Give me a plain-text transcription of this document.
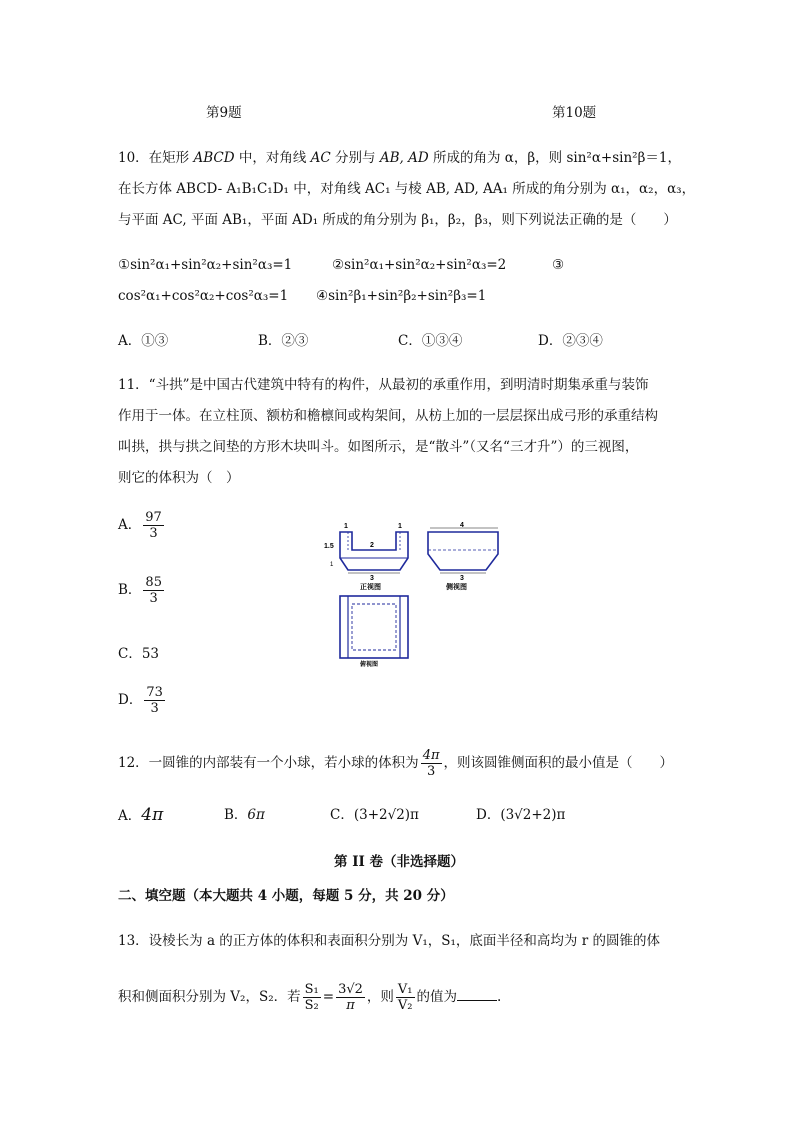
第9题	第10题
10．在矩形 ABCD 中，对角线 AC 分别与 AB, AD 所成的角为 α，β，则 sin²α+sin²β＝1，
在长方体 ABCD- A₁B₁C₁D₁ 中，对角线 AC₁ 与棱 AB, AD, AA₁ 所成的角分别为 α₁，α₂，α₃，
与平面 AC, 平面 AB₁，平面 AD₁ 所成的角分别为 β₁，β₂，β₃，则下列说法正确的是（　　）
①sin²α₁+sin²α₂+sin²α₃=1	②sin²α₁+sin²α₂+sin²α₃=2	③
cos²α₁+cos²α₂+cos²α₃=1 ④sin²β₁+sin²β₂+sin²β₃=1
A．①③	B．②③	C．①③④	D．②③④
11．“斗拱”是中国古代建筑中特有的构件，从最初的承重作用，到明清时期集承重与装饰
作用于一体。在立柱顶、额枋和檐檩间或构架间，从枋上加的一层层探出成弓形的承重结构
叫拱，拱与拱之间垫的方形木块叫斗。如图所示，是“散斗”（又名“三才升”）的三视图，
则它的体积为（　）
A． $\frac{97}{3}$
B． $\frac{85}{3}$
C．53
D． $\frac{73}{3}$
1	1
2
1.5
1
3
正视图
4
3
侧视图
俯视图
12．一圆锥的内部装有一个小球，若小球的体积为 $\frac{4\pi}{3}$ ，则该圆锥侧面积的最小值是（　　）
A．4π	B．6π	C．(3+2√2)π	D．(3√2+2)π
第 II 卷（非选择题）
二、填空题（本大题共 4 小题，每题 5 分，共 20 分）
13．设棱长为 a 的正方体的体积和表面积分别为 V₁，S₁，底面半径和高均为 r 的圆锥的体
积和侧面积分别为 V₂，S₂．若 $\frac{\text{S₁}}{\text{S₂}} = \frac{3√2}{\pi}$ ，则 $\frac{\text{V₁}}{\text{V₂}}$ 的值为	.
